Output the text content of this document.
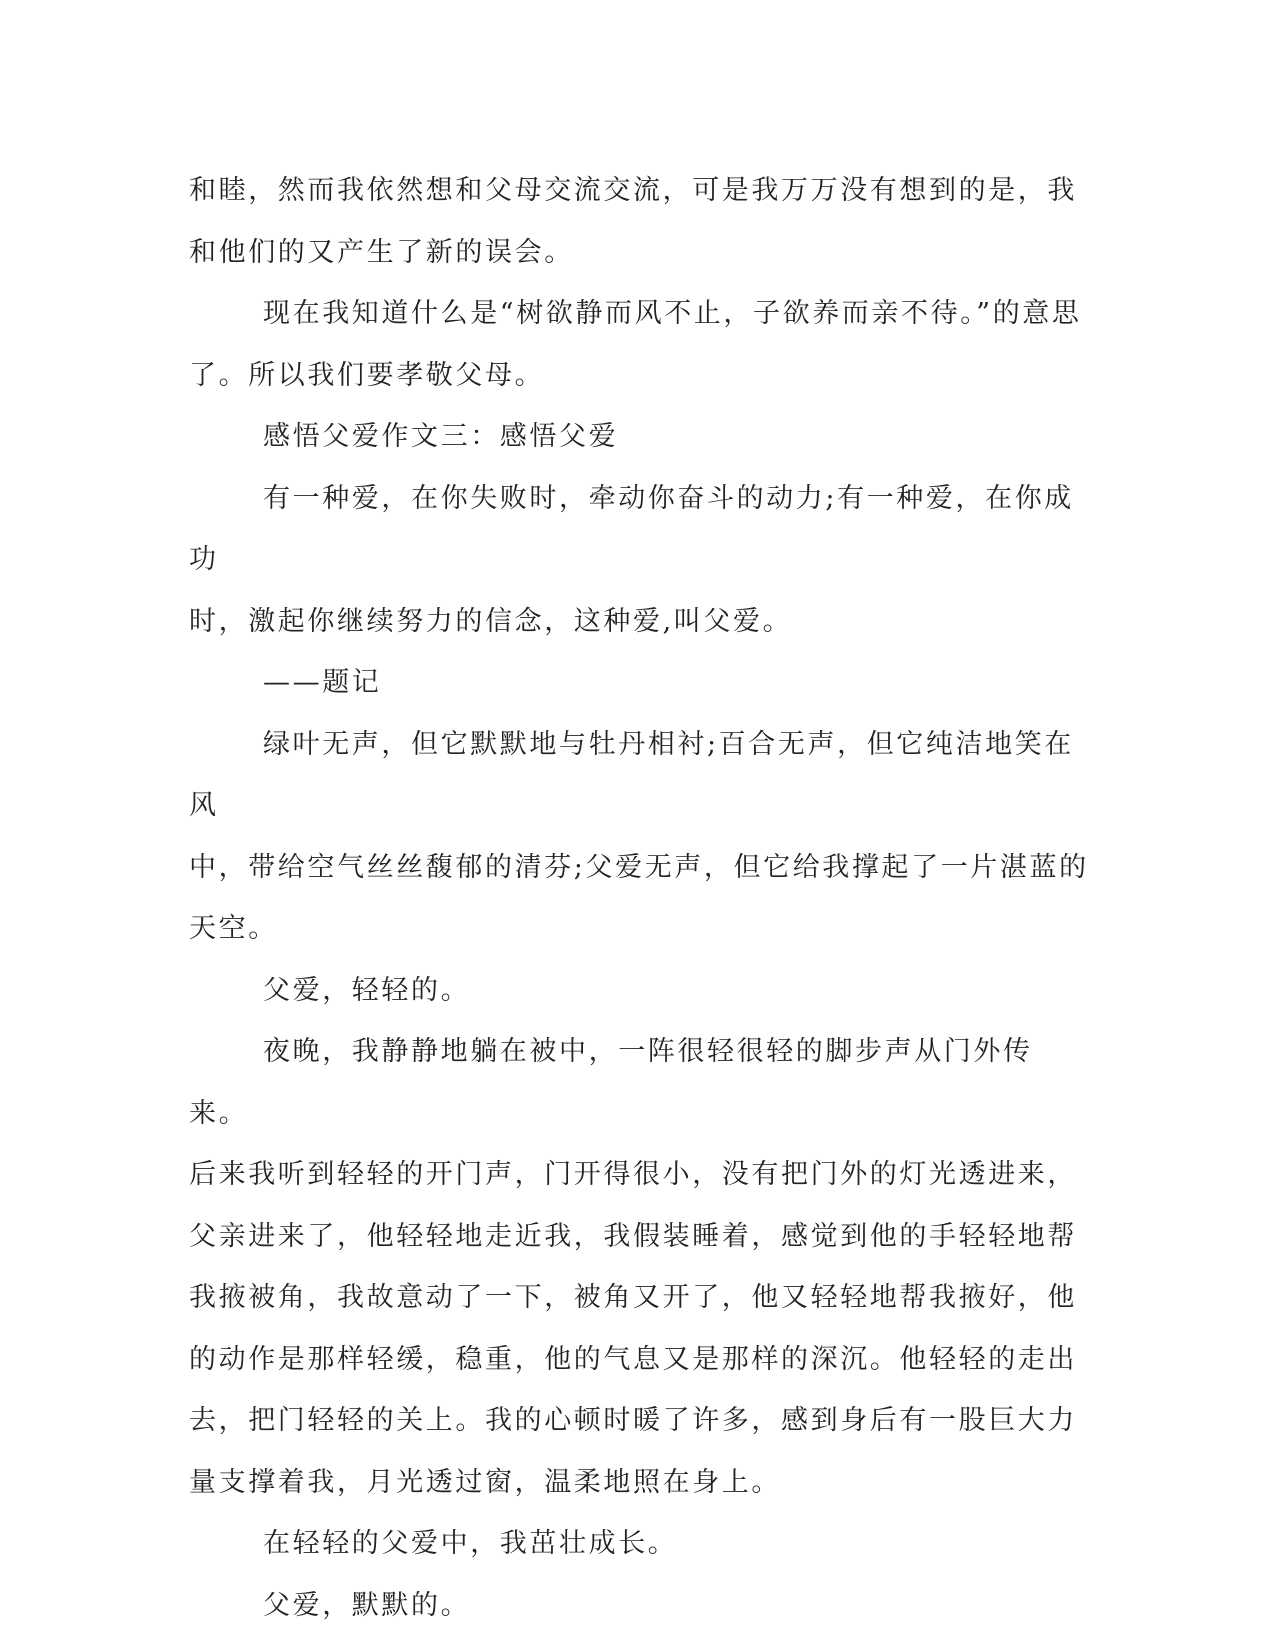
和睦，然而我依然想和父母交流交流，可是我万万没有想到的是，我
和他们的又产生了新的误会。

现在我知道什么是“树欲静而风不止，子欲养而亲不待。”的意思
了。所以我们要孝敬父母。

感悟父爱作文三：感悟父爱

有一种爱，在你失败时，牵动你奋斗的动力;有一种爱，在你成功
时，激起你继续努力的信念，这种爱,叫父爱。

——题记

绿叶无声，但它默默地与牡丹相衬;百合无声，但它纯洁地笑在风
中，带给空气丝丝馥郁的清芬;父爱无声，但它给我撑起了一片湛蓝的
天空。

父爱，轻轻的。

夜晚，我静静地躺在被中，一阵很轻很轻的脚步声从门外传来。
后来我听到轻轻的开门声，门开得很小，没有把门外的灯光透进来，
父亲进来了，他轻轻地走近我，我假装睡着，感觉到他的手轻轻地帮
我掖被角，我故意动了一下，被角又开了，他又轻轻地帮我掖好，他
的动作是那样轻缓，稳重，他的气息又是那样的深沉。他轻轻的走出
去，把门轻轻的关上。我的心顿时暖了许多，感到身后有一股巨大力
量支撑着我，月光透过窗，温柔地照在身上。

在轻轻的父爱中，我茁壮成长。

父爱，默默的。
